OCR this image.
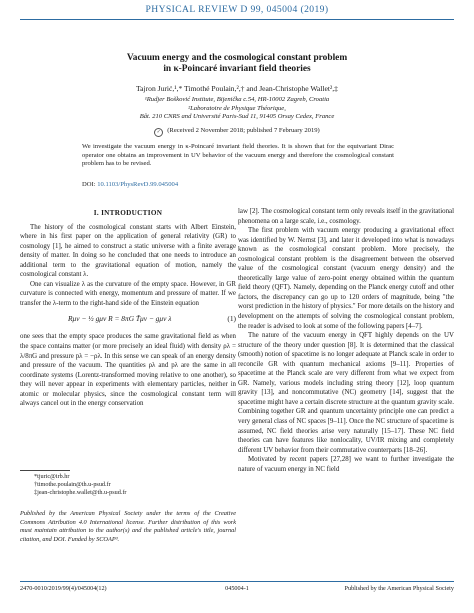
PHYSICAL REVIEW D 99, 045004 (2019)
Vacuum energy and the cosmological constant problem
in κ-Poincaré invariant field theories
Tajron Jurić,¹,* Timothé Poulain,²,† and Jean-Christophe Wallet²,‡
¹Rudjer Bošković Institute, Bijenička c.54, HR-10002 Zagreb, Croatia
²Laboratoire de Physique Théorique,
Bât. 210 CNRS and Université Paris-Sud 11, 91405 Orsay Cedex, France
✓ (Received 2 November 2018; published 7 February 2019)
We investigate the vacuum energy in κ-Poincaré invariant field theories. It is shown that for the equivariant Dirac operator one obtains an improvement in UV behavior of the vacuum energy and therefore the cosmological constant problem has to be revised.
DOI: 10.1103/PhysRevD.99.045004
I. INTRODUCTION

The history of the cosmological constant starts with Albert Einstein, where in his first paper on the application of general relativity (GR) to cosmology [1], he aimed to construct a static universe with a finite average density of matter. In doing so he concluded that one needs to introduce an additional term to the gravitational equation of motion, namely the cosmological constant λ.

One can visualize λ as the curvature of the empty space. However, in GR curvature is connected with energy, momentum and pressure of matter. If we transfer the λ-term to the right-hand side of the Einstein equation

Rμν − ½ gμν R = 8πG T̃μν − gμν λ	(1)

one sees that the empty space produces the same gravitational field as when the space contains matter (or more precisely an ideal fluid) with density ρλ = λ/8πG and pressure pλ = −ρλ. In this sense we can speak of an energy density and pressure of the vacuum. The quantities ρλ and pλ are the same in all coordinate systems (Lorentz-transformed moving relative to one another), so they will never appear in experiments with elementary particles, neither in atomic or molecular physics, since the cosmological constant term will always cancel out in the energy conservation

*tjuric@irb.hr
†timothe.poulain@th.u-psud.fr
‡jean-christophe.wallet@th.u-psud.fr
Published by the American Physical Society under the terms of the Creative Commons Attribution 4.0 International license. Further distribution of this work must maintain attribution to the author(s) and the published article's title, journal citation, and DOI. Funded by SCOAP³.

law [2]. The cosmological constant term only reveals itself in the gravitational phenomena on a large scale, i.e., cosmology.

The first problem with vacuum energy producing a gravitational effect was identified by W. Nernst [3], and later it developed into what is nowadays known as the cosmological constant problem. More precisely, the cosmological constant problem is the disagreement between the observed value of the cosmological constant (vacuum energy density) and the theoretically large value of zero-point energy obtained within the quantum field theory (QFT). Namely, depending on the Planck energy cutoff and other factors, the discrepancy can go up to 120 orders of magnitude, being "the worst prediction in the history of physics." For more details on the history and development on the attempts of solving the cosmological constant problem, the reader is advised to look at some of the following papers [4–7].

The nature of the vacuum energy in QFT highly depends on the UV structure of the theory under question [8]. It is determined that the classical (smooth) notion of spacetime is no longer adequate at Planck scale in order to reconcile GR with quantum mechanical axioms [9–11]. Properties of spacetime at the Planck scale are very different from what we expect from GR. Namely, various models including string theory [12], loop quantum gravity [13], and noncommutative (NC) geometry [14], suggest that the spacetime might have a certain discrete structure at the quantum gravity scale. Combining together GR and quantum uncertainty principle one can predict a very general class of NC spaces [9–11]. Once the NC structure of spacetime is assumed, NC field theories arise very naturally [15–17]. These NC field theories can have features like nonlocality, UV/IR mixing and completely different UV behavior from their commutative counterparts [18–26].

Motivated by recent papers [27,28] we want to further investigate the nature of vacuum energy in NC field

2470-0010/2019/99(4)/045004(12)	045004-1	Published by the American Physical Society
